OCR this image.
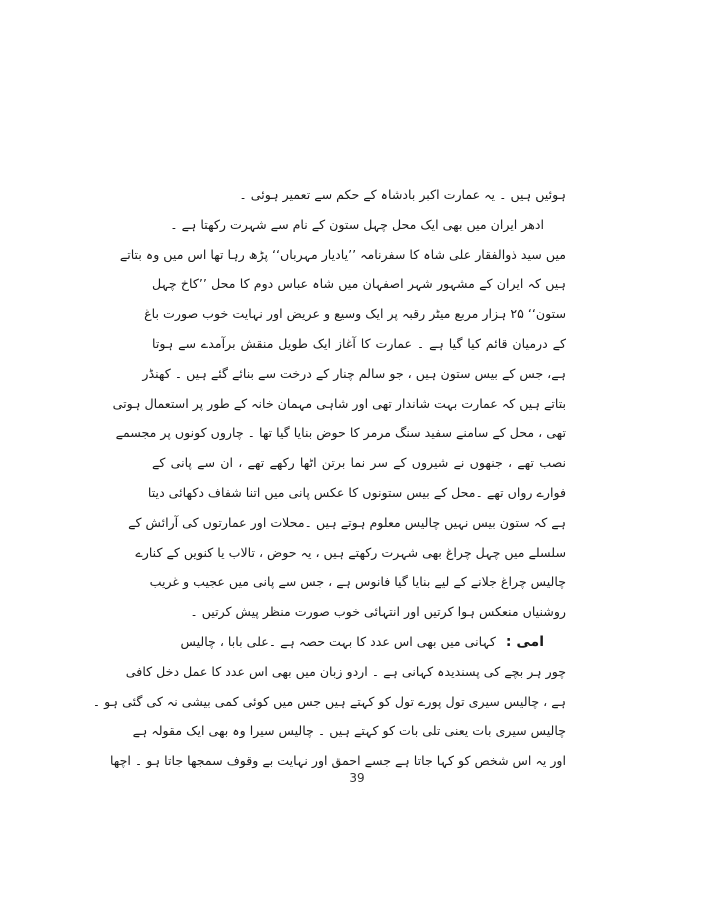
ہوئیں ہیں ۔ یہ عمارت اکبر بادشاہ کے حکم سے تعمیر ہوئی ۔
ادھر ایران میں بھی ایک محل چہل ستون کے نام سے شہرت رکھتا ہے ۔
میں سید ذوالفقار علی شاہ کا سفرنامہ ’’یادیار مہرباں‘‘ پڑھ رہا تھا اس میں وہ بتاتے
ہیں کہ ایران کے مشہور شہر اصفہان میں شاہ عباس دوم کا محل ’’کاخ چہل
ستون‘‘ ۲۵ ہزار مربع میٹر رقبہ پر ایک وسیع و عریض اور نہایت خوب صورت باغ
کے درمیان قائم کیا گیا ہے ۔ عمارت کا آغاز ایک طویل منقش برآمدے سے ہوتا
ہے، جس کے بیس ستون ہیں ، جو سالم چنار کے درخت سے بنائے گئے ہیں ۔ کھنڈر
بتاتے ہیں کہ عمارت بہت شاندار تھی اور شاہی مہمان خانہ کے طور پر استعمال ہوتی
تھی ، محل کے سامنے سفید سنگ مرمر کا حوض بنایا گیا تھا ۔ چاروں کونوں پر مجسمے
نصب تھے ، جنھوں نے شیروں کے سر نما برتن اٹھا رکھے تھے ، ان سے پانی کے
فوارے رواں تھے ۔محل کے بیس ستونوں کا عکس پانی میں اتنا شفاف دکھائی دیتا
ہے کہ ستون بیس نہیں چالیس معلوم ہوتے ہیں ۔محلات اور عمارتوں کی آرائش کے
سلسلے میں چہل چراغ بھی شہرت رکھتے ہیں ، یہ حوض ، تالاب یا کنویں کے کنارے
چالیس چراغ جلانے کے لیے بنایا گیا فانوس ہے ، جس سے پانی میں عجیب و غریب
روشنیاں منعکس ہوا کرتیں اور انتہائی خوب صورت منظر پیش کرتیں ۔
امی :کہانی میں بھی اس عدد کا بہت حصہ ہے ۔علی بابا ، چالیس
چور ہر بچے کی پسندیدہ کہانی ہے ۔ اردو زبان میں بھی اس عدد کا عمل دخل کافی
ہے ، چالیس سیری تول پورے تول کو کہتے ہیں جس میں کوئی کمی بیشی نہ کی گئی ہو ۔
چالیس سیری بات یعنی تلی بات کو کہتے ہیں ۔ چالیس سیرا وہ بھی ایک مقولہ ہے
اور یہ اس شخص کو کہا جاتا ہے جسے احمق اور نہایت بے وقوف سمجھا جاتا ہو ۔ اچھا
39
